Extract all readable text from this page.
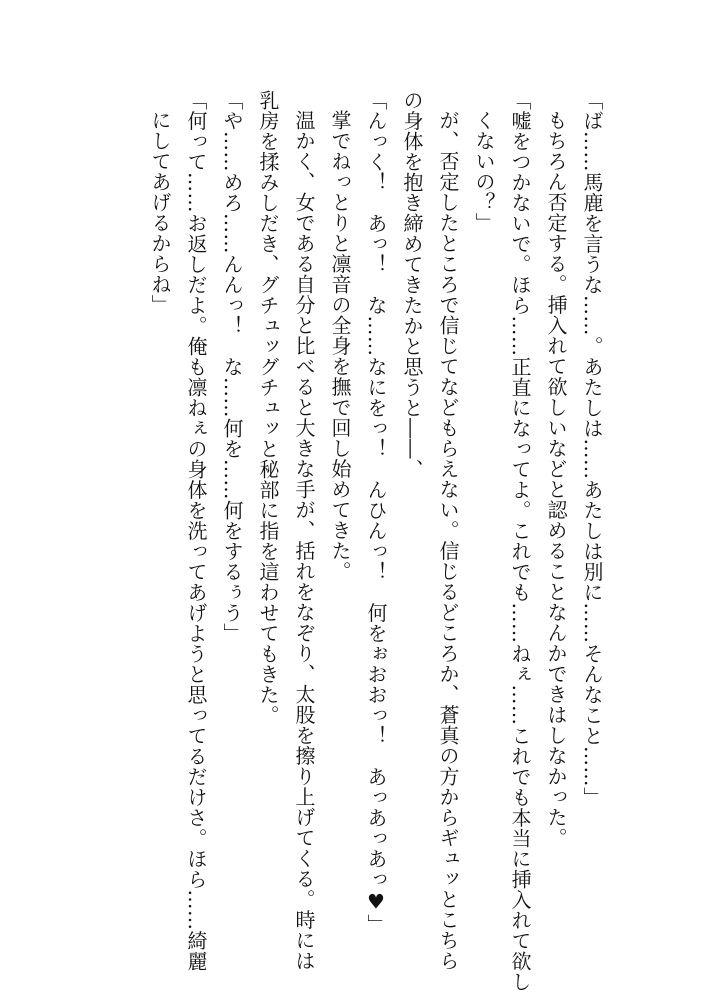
「ば……馬鹿を言うな……。あたしは……あたしは別に……そんなこと……」
もちろん否定する。挿入れて欲しいなどと認めることなんかできはしなかった。
「嘘をつかないで。ほら……正直になってよ。これでも……ねぇ……これでも本当に挿入れて欲し
くないの？」
が、否定したところで信じてなどもらえない。信じるどころか、蒼真の方からギュッとこちら
の身体を抱き締めてきたかと思うと――、
「んっく！　あっ！　な……なにをっ！　んひんっ！　何をぉおおっ！　あっあっあっ♥」
掌でねっとりと凛音の全身を撫で回し始めてきた。
温かく、女である自分と比べると大きな手が、括れをなぞり、太股を擦り上げてくる。時には
乳房を揉みしだき、グチュッグチュッと秘部に指を這わせてもきた。
「や……めろ……んんっ！　な……何を……何をするぅう」
「何って……お返しだよ。俺も凛ねぇの身体を洗ってあげようと思ってるだけさ。ほら……綺麗
にしてあげるからね」
